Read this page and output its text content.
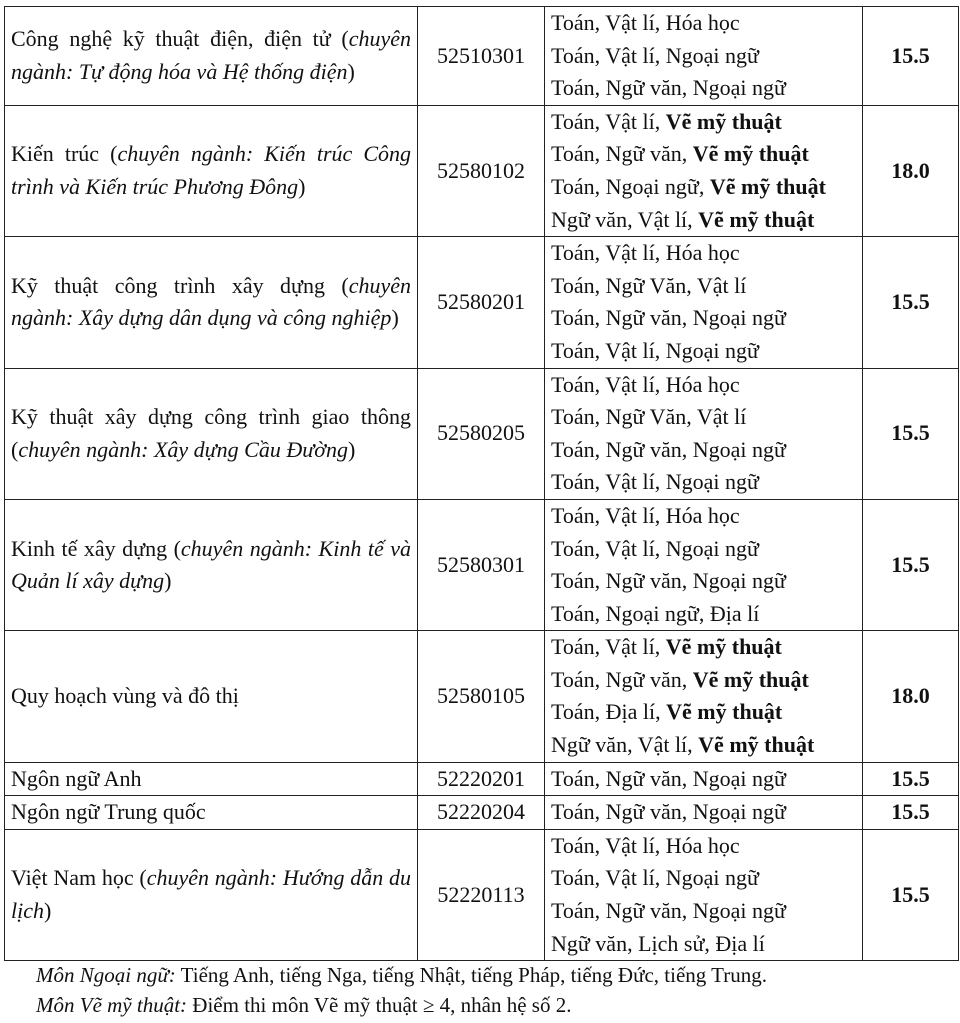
Công nghệ kỹ thuật điện, điện tử (chuyên ngành: Tự động hóa và Hệ thống điện)	52510301	Toán, Vật lí, Hóa học
Toán, Vật lí, Ngoại ngữ
Toán, Ngữ văn, Ngoại ngữ	15.5
Kiến trúc (chuyên ngành: Kiến trúc Công trình và Kiến trúc Phương Đông)	52580102	Toán, Vật lí, Vẽ mỹ thuật
Toán, Ngữ văn, Vẽ mỹ thuật
Toán, Ngoại ngữ, Vẽ mỹ thuật
Ngữ văn, Vật lí, Vẽ mỹ thuật	18.0
Kỹ thuật công trình xây dựng (chuyên ngành: Xây dựng dân dụng và công nghiệp)	52580201	Toán, Vật lí, Hóa học
Toán, Ngữ Văn, Vật lí
Toán, Ngữ văn, Ngoại ngữ
Toán, Vật lí, Ngoại ngữ	15.5
Kỹ thuật xây dựng công trình giao thông (chuyên ngành: Xây dựng Cầu Đường)	52580205	Toán, Vật lí, Hóa học
Toán, Ngữ Văn, Vật lí
Toán, Ngữ văn, Ngoại ngữ
Toán, Vật lí, Ngoại ngữ	15.5
Kinh tế xây dựng (chuyên ngành: Kinh tế và Quản lí xây dựng)	52580301	Toán, Vật lí, Hóa học
Toán, Vật lí, Ngoại ngữ
Toán, Ngữ văn, Ngoại ngữ
Toán, Ngoại ngữ, Địa lí	15.5
Quy hoạch vùng và đô thị	52580105	Toán, Vật lí, Vẽ mỹ thuật
Toán, Ngữ văn, Vẽ mỹ thuật
Toán, Địa lí, Vẽ mỹ thuật
Ngữ văn, Vật lí, Vẽ mỹ thuật	18.0
Ngôn ngữ Anh	52220201	Toán, Ngữ văn, Ngoại ngữ	15.5
Ngôn ngữ Trung quốc	52220204	Toán, Ngữ văn, Ngoại ngữ	15.5
Việt Nam học (chuyên ngành: Hướng dẫn du lịch)	52220113	Toán, Vật lí, Hóa học
Toán, Vật lí, Ngoại ngữ
Toán, Ngữ văn, Ngoại ngữ
Ngữ văn, Lịch sử, Địa lí	15.5
Môn Ngoại ngữ: Tiếng Anh, tiếng Nga, tiếng Nhật, tiếng Pháp, tiếng Đức, tiếng Trung.
Môn Vẽ mỹ thuật: Điểm thi môn Vẽ mỹ thuật ≥ 4, nhân hệ số 2.
